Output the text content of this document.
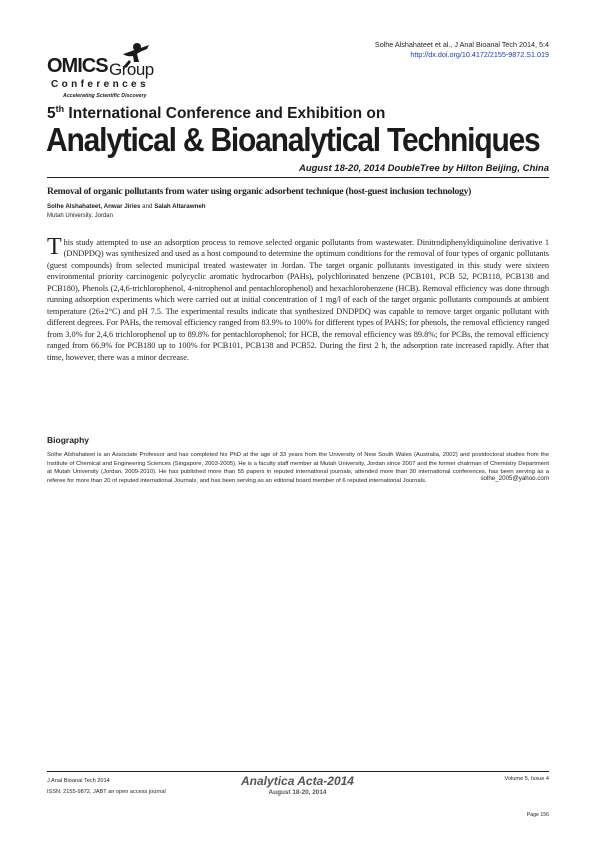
Solhe Alshahateet et al., J Anal Bioanal Tech 2014, 5:4
http://dx.doi.org/10.4172/2155-9872.S1.019
OMICS Group
Conferences
Accelerating Scientific Discovery
5th International Conference and Exhibition on
Analytical & Bioanalytical Techniques
August 18-20, 2014 DoubleTree by Hilton Beijing, China
Removal of organic pollutants from water using organic adsorbent technique (host-guest inclusion technology)
Solhe Alshahateet, Anwar Jiries and Salah Altarawneh
Mutah University, Jordan
This study attempted to use an adsorption process to remove selected organic pollutants from wastewater. Dinitrodiphenyldiquinoline derivative 1 (DNDPDQ) was synthesized and used as a host compound to determine the optimum conditions for the removal of four types of organic pollutants (guest compounds) from selected municipal treated wastewater in Jordan. The target organic pollutants investigated in this study were sixteen environmental priority carcinogenic polycyclic aromatic hydrocarbon (PAHs), polychlorinated benzene (PCB101, PCB 52, PCB118, PCB138 and PCB180), Phenols (2,4,6-trichlorophenol, 4-nitrophenol and pentachlorophenol) and hexachlorobenzene (HCB). Removal efficiency was done through running adsorption experiments which were carried out at initial concentration of 1 mg/l of each of the target organic pollutants compounds at ambient temperature (26±2°C) and pH 7.5. The experimental results indicate that synthesized DNDPDQ was capable to remove target organic pollutant with different degrees. For PAHs, the removal efficiency ranged from 83.9% to 100% for different types of PAHS; for phenols, the removal efficiency ranged from 3.0% for 2,4,6 trichlorophenol up to 89.8% for pentachlorophenol; for HCB, the removal efficiency was 89.8%; for PCBs, the removal efficiency ranged from 66.9% for PCB180 up to 100% for PCB101, PCB138 and PCB52. During the first 2 h, the adsorption rate increased rapidly. After that time, however, there was a minor decrease.
Biography
Solhe Alshahateet is an Associate Professor and has completed his PhD at the age of 33 years from the University of New South Wales (Australia, 2002) and postdoctoral studies from the Institute of Chemical and Engineering Sciences (Singapore, 2003-2005). He is a faculty staff member at Mutah University, Jordan since 2007 and the former chairman of Chemistry Department at Mutah University (Jordan, 2009-2010). He has published more than 55 papers in reputed international journals, attended more than 30 international conferences, has been serving as a referee for more than 20 of reputed international Journals, and has been serving as an editorial board member of 6 reputed international Journals.	solhe_2005@yahoo.com
J Anal Bioanal Tech 2014
ISSN: 2155-9872, JABT an open access journal
Analytica Acta-2014
August 18-20, 2014
Volume 5, Issue 4
Page 156
